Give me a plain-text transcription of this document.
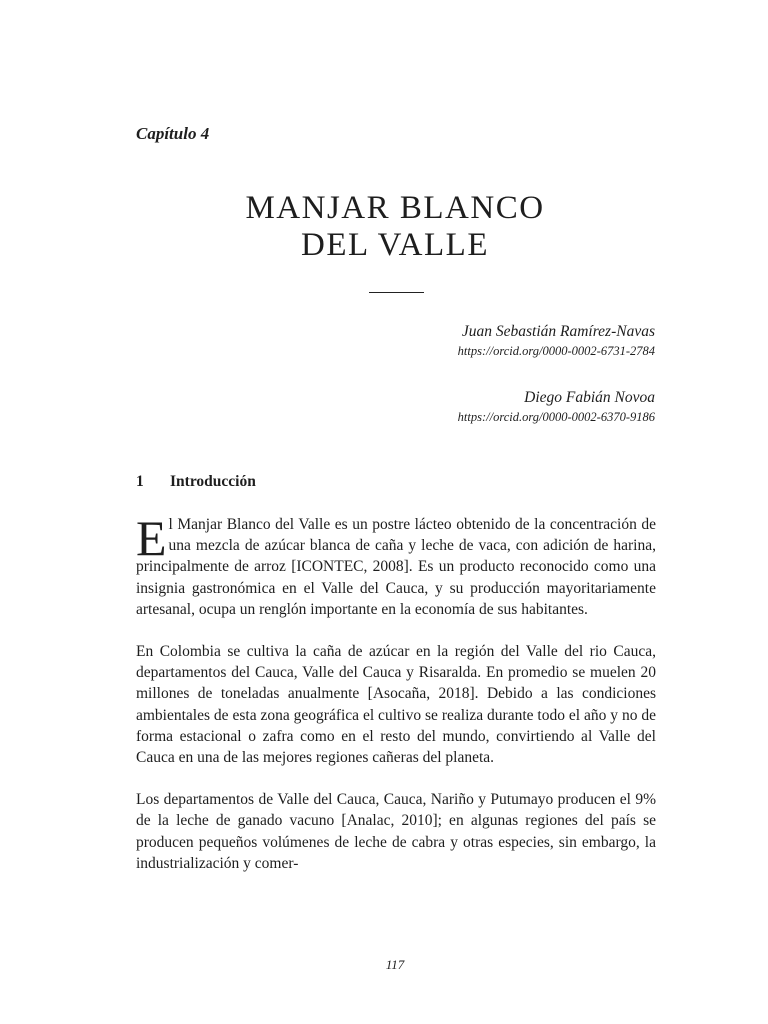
Capítulo 4
MANJAR BLANCO
DEL VALLE
Juan Sebastián Ramírez-Navas
https://orcid.org/0000-0002-6731-2784
Diego Fabián Novoa
https://orcid.org/0000-0002-6370-9186
1 Introducción

El Manjar Blanco del Valle es un postre lácteo obtenido de la concentración de una mezcla de azúcar blanca de caña y leche de vaca, con adición de harina, principalmente de arroz [ICONTEC, 2008]. Es un producto reconocido como una insignia gastronómica en el Valle del Cauca, y su producción mayoritariamente artesanal, ocupa un renglón importante en la economía de sus habitantes.

En Colombia se cultiva la caña de azúcar en la región del Valle del rio Cauca, departamentos del Cauca, Valle del Cauca y Risaralda. En promedio se muelen 20 millones de toneladas anualmente [Asocaña, 2018]. Debido a las condiciones ambientales de esta zona geográfica el cultivo se realiza durante todo el año y no de forma estacional o zafra como en el resto del mundo, convirtiendo al Valle del Cauca en una de las mejores regiones cañeras del planeta.

Los departamentos de Valle del Cauca, Cauca, Nariño y Putumayo producen el 9% de la leche de ganado vacuno [Analac, 2010]; en algunas regiones del país se producen pequeños volúmenes de leche de cabra y otras especies, sin embargo, la industrialización y comer-

117
